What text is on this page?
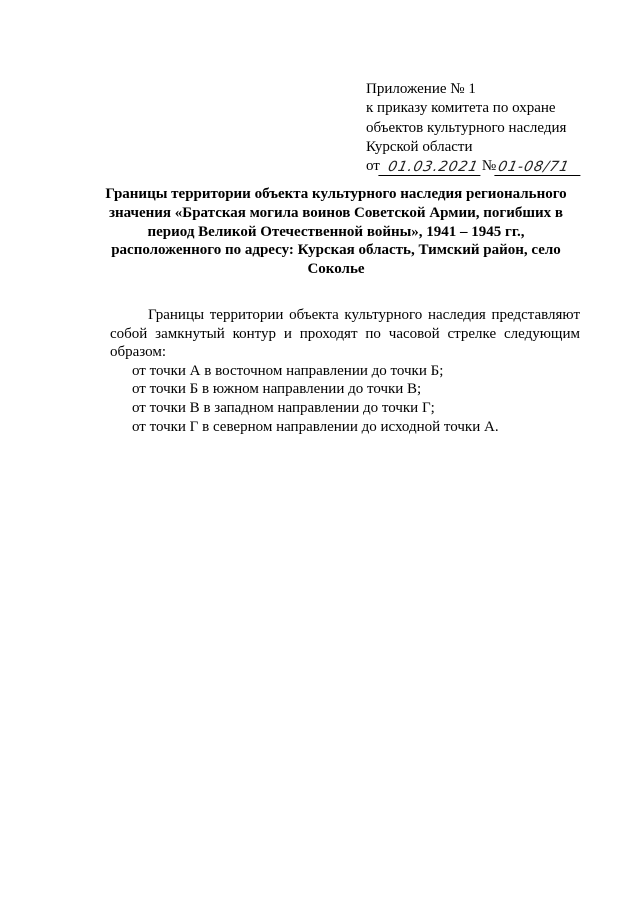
Приложение № 1
к приказу комитета по охране
объектов культурного наследия
Курской области
от 01.03.2021 № 01-08/71
Границы территории объекта культурного наследия регионального значения «Братская могила воинов Советской Армии, погибших в период Великой Отечественной войны», 1941 – 1945 гг., расположенного по адресу: Курская область, Тимский район, село Сокольe

Границы территории объекта культурного наследия представляют собой замкнутый контур и проходят по часовой стрелке следующим образом:

от точки А в восточном направлении до точки Б;

от точки Б в южном направлении до точки В;

от точки В в западном направлении до точки Г;

от точки Г в северном направлении до исходной точки А.
